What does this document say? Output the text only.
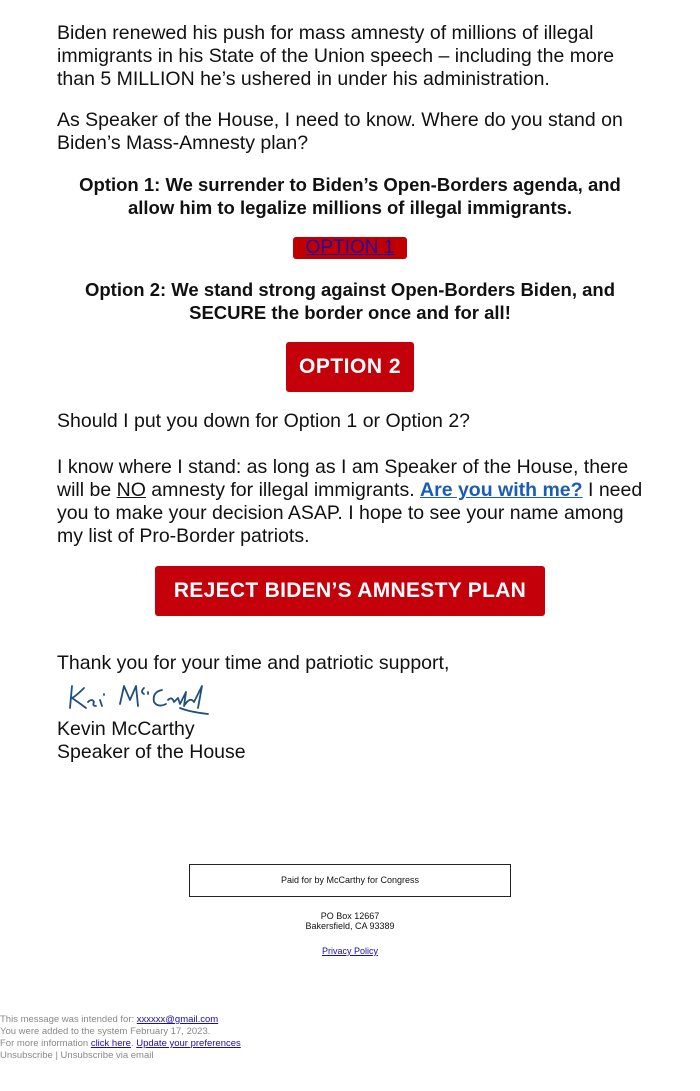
Biden renewed his push for mass amnesty of millions of illegal immigrants in his State of the Union speech – including the more than 5 MILLION he’s ushered in under his administration.

As Speaker of the House, I need to know. Where do you stand on Biden’s Mass-Amnesty plan?

Option 1: We surrender to Biden’s Open-Borders agenda, and allow him to legalize millions of illegal immigrants.

OPTION 1

Option 2: We stand strong against Open-Borders Biden, and SECURE the border once and for all!

OPTION 2

Should I put you down for Option 1 or Option 2?

I know where I stand: as long as I am Speaker of the House, there will be NO amnesty for illegal immigrants. Are you with me? I need you to make your decision ASAP. I hope to see your name among my list of Pro-Border patriots.

REJECT BIDEN’S AMNESTY PLAN

Thank you for your time and patriotic support,

Kevin McCarthy
Speaker of the House
Paid for by McCarthy for Congress
PO Box 12667
Bakersfield, CA 93389
Privacy Policy
This message was intended for: xxxxxx@gmail.com
You were added to the system February 17, 2023.
For more information click here. Update your preferences
Unsubscribe | Unsubscribe via email
